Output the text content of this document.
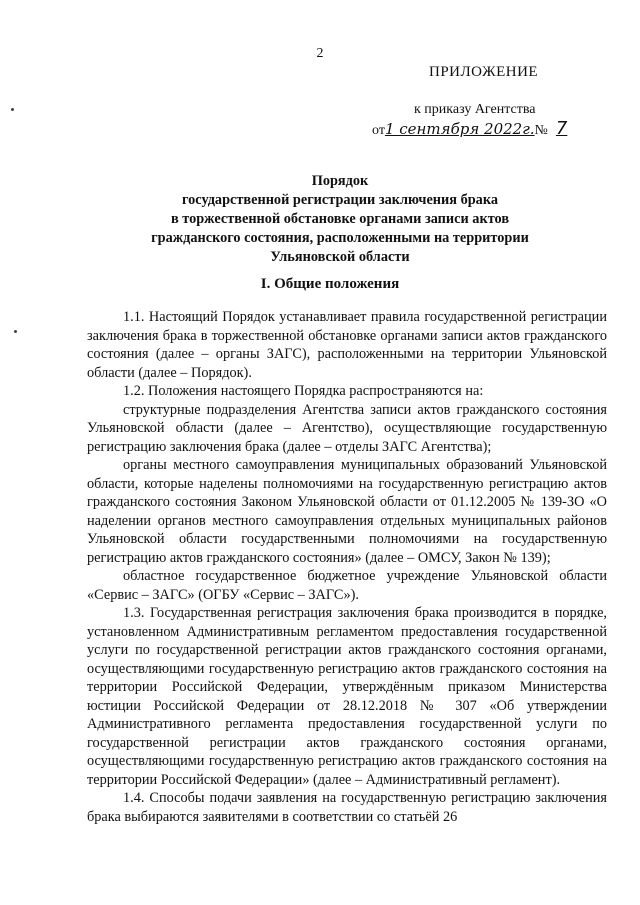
2
ПРИЛОЖЕНИЕ
к приказу Агентства
от1 сентября 2022г.№ 7
Порядок
государственной регистрации заключения брака
в торжественной обстановке органами записи актов
гражданского состояния, расположенными на территории
Ульяновской области
I. Общие положения

1.1. Настоящий Порядок устанавливает правила государственной регистрации заключения брака в торжественной обстановке органами записи актов гражданского состояния (далее – органы ЗАГС), расположенными на территории Ульяновской области (далее – Порядок).

1.2. Положения настоящего Порядка распространяются на:

структурные подразделения Агентства записи актов гражданского состояния Ульяновской области (далее – Агентство), осуществляющие государственную регистрацию заключения брака (далее – отделы ЗАГС Агентства);

органы местного самоуправления муниципальных образований Ульяновской области, которые наделены полномочиями на государственную регистрацию актов гражданского состояния Законом Ульяновской области от 01.12.2005 № 139-ЗО «О наделении органов местного самоуправления отдельных муниципальных районов Ульяновской области государственными полномочиями на государственную регистрацию актов гражданского состояния» (далее – ОМСУ, Закон № 139);

областное государственное бюджетное учреждение Ульяновской области «Сервис – ЗАГС» (ОГБУ «Сервис – ЗАГС»).

1.3. Государственная регистрация заключения брака производится в порядке, установленном Административным регламентом предоставления государственной услуги по государственной регистрации актов гражданского состояния органами, осуществляющими государственную регистрацию актов гражданского состояния на территории Российской Федерации, утверждённым приказом Министерства юстиции Российской Федерации от 28.12.2018 № 307 «Об утверждении Административного регламента предоставления государственной услуги по государственной регистрации актов гражданского состояния органами, осуществляющими государственную регистрацию актов гражданского состояния на территории Российской Федерации» (далее – Административный регламент).

1.4. Способы подачи заявления на государственную регистрацию заключения брака выбираются заявителями в соответствии со статьёй 26
